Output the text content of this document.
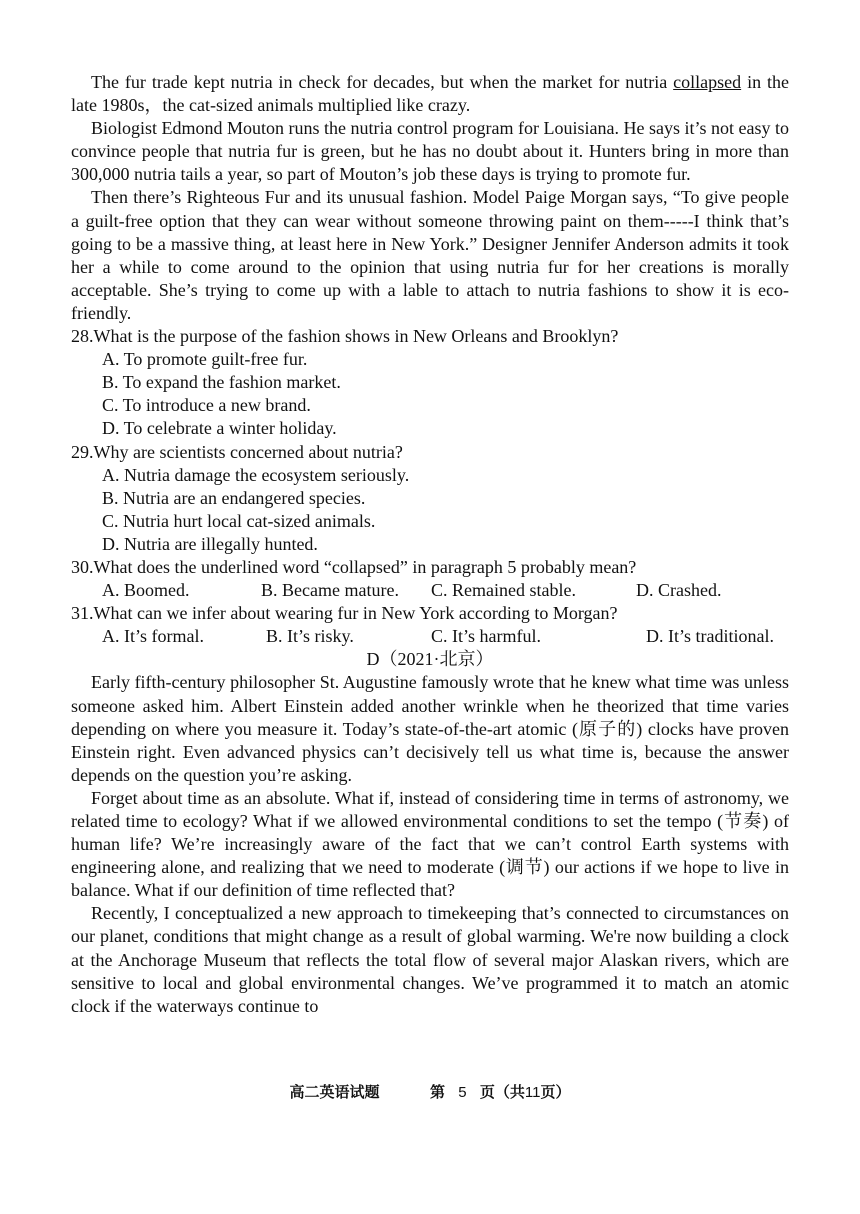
The fur trade kept nutria in check for decades, but when the market for nutria collapsed in the late 1980s，the cat-sized animals multiplied like crazy.

Biologist Edmond Mouton runs the nutria control program for Louisiana. He says it’s not easy to convince people that nutria fur is green, but he has no doubt about it. Hunters bring in more than 300,000 nutria tails a year, so part of Mouton’s job these days is trying to promote fur.

Then there’s Righteous Fur and its unusual fashion. Model Paige Morgan says, “To give people a guilt-free option that they can wear without someone throwing paint on them-----I think that’s going to be a massive thing, at least here in New York.” Designer Jennifer Anderson admits it took her a while to come around to the opinion that using nutria fur for her creations is morally acceptable. She’s trying to come up with a lable to attach to nutria fashions to show it is eco-friendly.

28.What is the purpose of the fashion shows in New Orleans and Brooklyn?

A. To promote guilt-free fur.

B. To expand the fashion market.

C. To introduce a new brand.

D. To celebrate a winter holiday.

29.Why are scientists concerned about nutria?

A. Nutria damage the ecosystem seriously.

B. Nutria are an endangered species.

C. Nutria hurt local cat-sized animals.

D. Nutria are illegally hunted.

30.What does the underlined word “collapsed” in paragraph 5 probably mean?

A. Boomed.	B. Became mature. C. Remained stable.	D. Crashed.

31.What can we infer about wearing fur in New York according to Morgan?

A. It’s formal.	B. It’s risky.	C. It’s harmful.	D. It’s traditional.

D（2021·北京）

Early fifth-century philosopher St. Augustine famously wrote that he knew what time was unless someone asked him. Albert Einstein added another wrinkle when he theorized that time varies depending on where you measure it. Today’s state-of-the-art atomic (原子的) clocks have proven Einstein right. Even advanced physics can’t decisively tell us what time is, because the answer depends on the question you’re asking.

Forget about time as an absolute. What if, instead of considering time in terms of astronomy, we related time to ecology? What if we allowed environmental conditions to set the tempo (节奏) of human life? We’re increasingly aware of the fact that we can’t control Earth systems with engineering alone, and realizing that we need to moderate (调节) our actions if we hope to live in balance. What if our definition of time reflected that?

Recently, I conceptualized a new approach to timekeeping that’s connected to circumstances on our planet, conditions that might change as a result of global warming. We're now building a clock at the Anchorage Museum that reflects the total flow of several major Alaskan rivers, which are sensitive to local and global environmental changes. We’ve programmed it to match an atomic clock if the waterways continue to

高二英语试题	第 5 页（共11页）
